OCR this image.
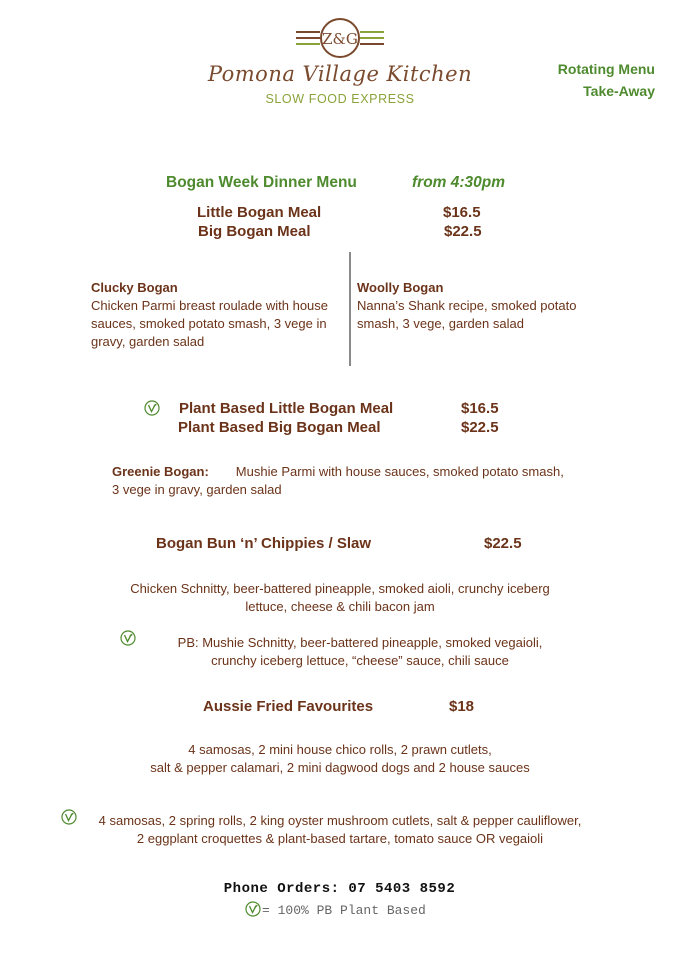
Z&G
Pomona Village Kitchen
SLOW FOOD EXPRESS
Rotating Menu
Take-Away
Bogan Week Dinner Menu	from 4:30pm
Little Bogan Meal	$16.5
Big Bogan Meal	$22.5
Clucky Bogan
Chicken Parmi breast roulade with house
sauces, smoked potato smash, 3 vege in
gravy, garden salad
Woolly Bogan
Nanna’s Shank recipe, smoked potato
smash, 3 vege, garden salad
Plant Based Little Bogan Meal	$16.5
Plant Based Big Bogan Meal	$22.5
Greenie Bogan: Mushie Parmi with house sauces, smoked potato smash,
3 vege in gravy, garden salad
Bogan Bun ‘n’ Chippies / Slaw	$22.5
Chicken Schnitty, beer-battered pineapple, smoked aioli, crunchy iceberg
lettuce, cheese & chili bacon jam
PB: Mushie Schnitty, beer-battered pineapple, smoked vegaioli,
crunchy iceberg lettuce, “cheese” sauce, chili sauce
Aussie Fried Favourites	$18
4 samosas, 2 mini house chico rolls, 2 prawn cutlets,
salt & pepper calamari, 2 mini dagwood dogs and 2 house sauces
4 samosas, 2 spring rolls, 2 king oyster mushroom cutlets, salt & pepper cauliflower,
2 eggplant croquettes & plant-based tartare, tomato sauce OR vegaioli
Phone Orders: 07 5403 8592
= 100% PB Plant Based
